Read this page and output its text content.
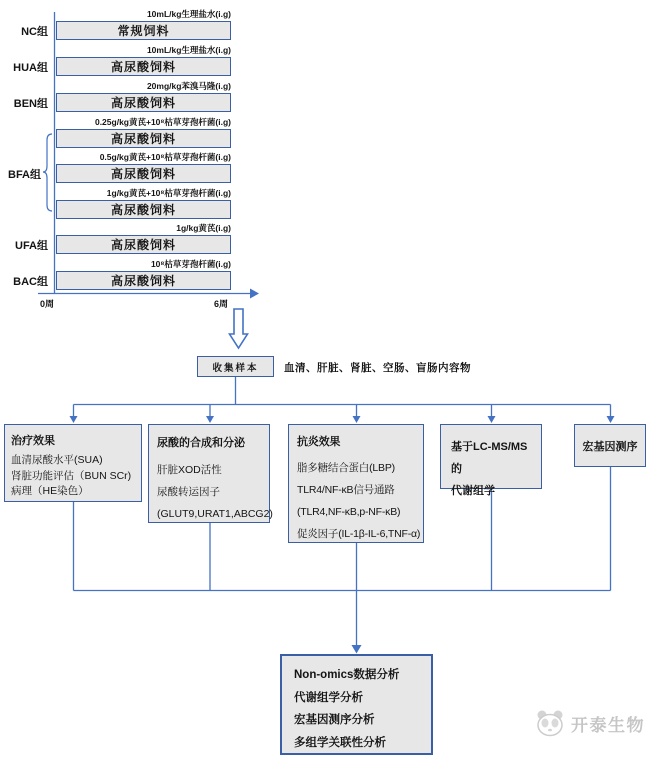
10mL/kg生理盐水(i.g)
NC组	常规饲料
10mL/kg生理盐水(i.g)
HUA组	高尿酸饲料
20mg/kg苯溴马隆(i.g)
BEN组	高尿酸饲料
0.25g/kg黄芪+10⁸枯草芽孢杆菌(i.g)
高尿酸饲料
0.5g/kg黄芪+10⁸枯草芽孢杆菌(i.g)
BFA组	高尿酸饲料
1g/kg黄芪+10⁸枯草芽孢杆菌(i.g)
高尿酸饲料
1g/kg黄芪(i.g)
UFA组	高尿酸饲料
10⁸枯草芽孢杆菌(i.g)
BAC组	高尿酸饲料
0周	6周
收集样本	血清、肝脏、肾脏、空肠、盲肠内容物
治疗效果
血清尿酸水平(SUA)
肾脏功能评估（BUN SCr)
病理（HE染色）
尿酸的合成和分泌
肝脏XOD活性
尿酸转运因子
(GLUT9,URAT1,ABCG2)
抗炎效果
脂多糖结合蛋白(LBP)
TLR4/NF-κB信号通路
(TLR4,NF-κB,p-NF-κB)
促炎因子(IL-1β-IL-6,TNF-α)
基于LC-MS/MS的
代谢组学
宏基因测序
Non-omics数据分析
代谢组学分析
宏基因测序分析
多组学关联性分析
开泰生物
